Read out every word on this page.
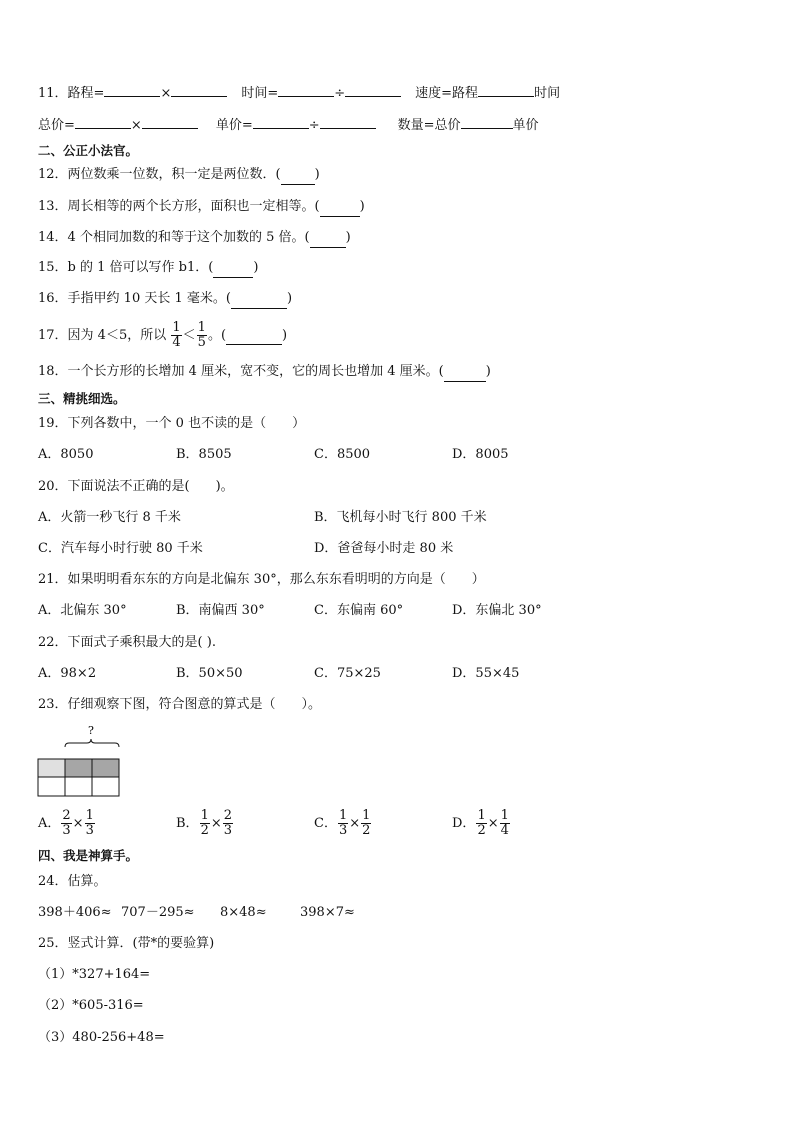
11．路程=	×	时间=	÷	速度=路程	时间
总价=	×	单价=	÷	数量=总价	单价
二、公正小法官。
12．两位数乘一位数，积一定是两位数．(	)
13．周长相等的两个长方形，面积也一定相等。(	)
14．4 个相同加数的和等于这个加数的 5 倍。(	)
15．b 的 1 倍可以写作 b1．(	)
16．手指甲约 10 天长 1 毫米。(	)
17．因为 4＜5，所以 $\frac{1}{4} < \frac{1}{5}$ 。(	)
18．一个长方形的长增加 4 厘米，宽不变，它的周长也增加 4 厘米。(	)
三、精挑细选。
19．下列各数中，一个 0 也不读的是（　　）
A．8050	B．8505	C．8500	D．8005
20．下面说法不正确的是(　　)。
A．火箭一秒飞行 8 千米	B．飞机每小时飞行 800 千米
C．汽车每小时行驶 80 千米	D．爸爸每小时走 80 米
21．如果明明看东东的方向是北偏东 30°，那么东东看明明的方向是（　　）
A．北偏东 30°	B．南偏西 30°	C．东偏南 60°	D．东偏北 30°
22．下面式子乘积最大的是( ).
A．98×2	B．50×50	C．75×25	D．55×45
23．仔细观察下图，符合图意的算式是（　　）。
?
A． $\frac{2}{3} \times \frac{1}{3}$	B． $\frac{1}{2} \times \frac{2}{3}$	C． $\frac{1}{3} \times \frac{1}{2}$	D． $\frac{1}{2} \times \frac{1}{4}$
四、我是神算手。
24．估算。
398＋406≈ 707－295≈ 8×48≈	398×7≈
25．竖式计算．(带*的要验算)
（1）*327+164=
（2）*605-316=
（3）480-256+48=
